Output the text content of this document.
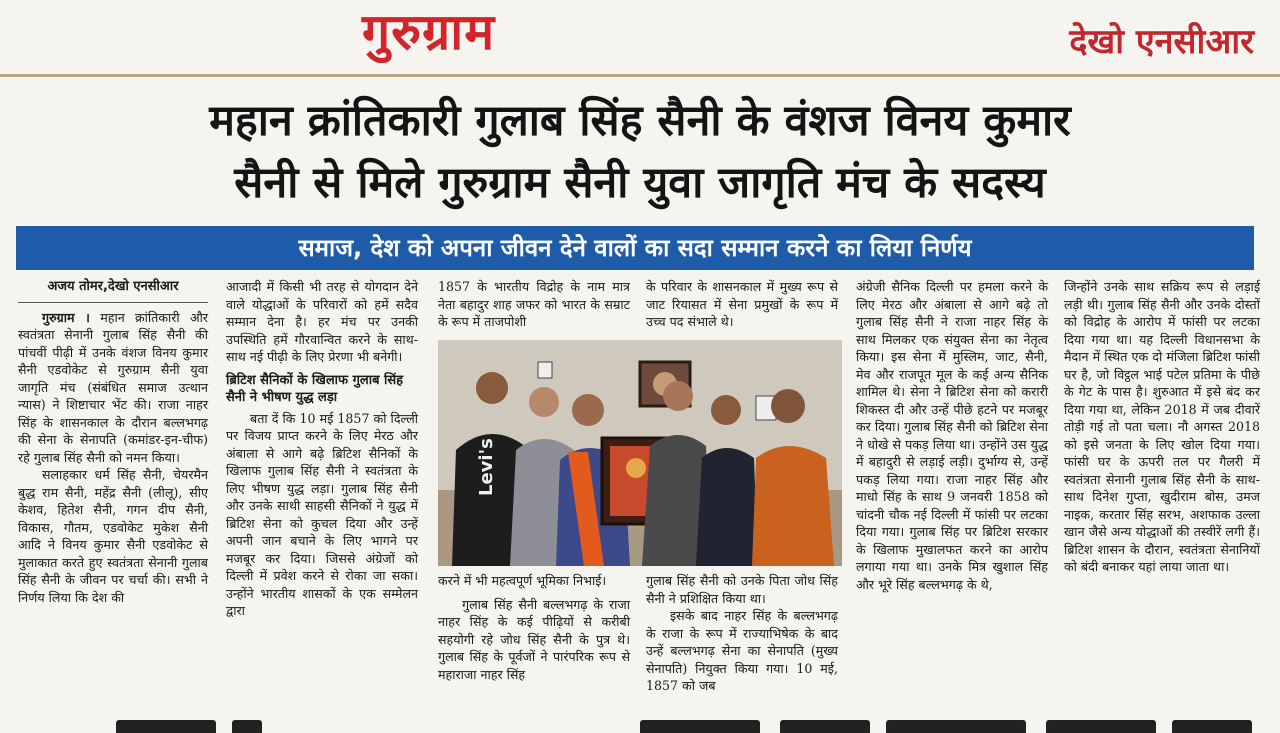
गुरुग्राम	देखो एनसीआर
महान क्रांतिकारी गुलाब सिंह सैनी के वंशज विनय कुमार
सैनी से मिले गुरुग्राम सैनी युवा जागृति मंच के सदस्य
समाज, देश को अपना जीवन देने वालों का सदा सम्मान करने का लिया निर्णय
अजय तोमर,देखो एनसीआर

गुरुग्राम । महान क्रांतिकारी और स्वतंत्रता सेनानी गुलाब सिंह सैनी की पांचवीं पीढ़ी में उनके वंशज विनय कुमार सैनी एडवोकेट से गुरुग्राम सैनी युवा जागृति मंच (संबंधित समाज उत्थान न्यास) ने शिष्टाचार भेंट की। राजा नाहर सिंह के शासनकाल के दौरान बल्लभगढ़ की सेना के सेनापति (कमांडर-इन-चीफ) रहे गुलाब सिंह सैनी को नमन किया।

सलाहकार धर्म सिंह सैनी, चेयरमैन बुद्ध राम सैनी, महेंद्र सैनी (लीलू), सीए केशव, हितेश सैनी, गगन दीप सैनी, विकास, गौतम, एडवोकेट मुकेश सैनी आदि ने विनय कुमार सैनी एडवोकेट से मुलाकात करते हुए स्वतंत्रता सेनानी गुलाब सिंह सैनी के जीवन पर चर्चा की। सभी ने निर्णय लिया कि देश की

आजादी में किसी भी तरह से योगदान देने वाले योद्धाओं के परिवारों को हमें सदैव सम्मान देना है। हर मंच पर उनकी उपस्थिति हमें गौरवान्वित करने के साथ-साथ नई पीढ़ी के लिए प्रेरणा भी बनेगी।

ब्रिटिश सैनिकों के खिलाफ गुलाब सिंह सैनी ने भीषण युद्ध लड़ा

बता दें कि 10 मई 1857 को दिल्ली पर विजय प्राप्त करने के लिए मेरठ और अंबाला से आगे बढ़े ब्रिटिश सैनिकों के खिलाफ गुलाब सिंह सैनी ने स्वतंत्रता के लिए भीषण युद्ध लड़ा। गुलाब सिंह सैनी और उनके साथी साहसी सैनिकों ने युद्ध में ब्रिटिश सेना को कुचल दिया और उन्हें अपनी जान बचाने के लिए भागने पर मजबूर कर दिया। जिससे अंग्रेजों को दिल्ली में प्रवेश करने से रोका जा सका। उन्होंने भारतीय शासकों के एक सम्मेलन द्वारा

1857 के भारतीय विद्रोह के नाम मात्र नेता बहादुर शाह जफर को भारत के सम्राट के रूप में ताजपोशी
के परिवार के शासनकाल में मुख्य रूप से जाट रियासत में सेना प्रमुखों के रूप में उच्च पद संभाले थे।
Levi's

करने में भी महत्वपूर्ण भूमिका निभाई।

गुलाब सिंह सैनी बल्लभगढ़ के राजा नाहर सिंह के कई पीढ़ियों से करीबी सहयोगी रहे जोध सिंह सैनी के पुत्र थे। गुलाब सिंह के पूर्वजों ने पारंपरिक रूप से महाराजा नाहर सिंह

गुलाब सिंह सैनी को उनके पिता जोध सिंह सैनी ने प्रशिक्षित किया था।

इसके बाद नाहर सिंह के बल्लभगढ़ के राजा के रूप में राज्याभिषेक के बाद उन्हें बल्लभगढ़ सेना का सेनापति (मुख्य सेनापति) नियुक्त किया गया। 10 मई, 1857 को जब

अंग्रेजी सैनिक दिल्ली पर हमला करने के लिए मेरठ और अंबाला से आगे बढ़े तो गुलाब सिंह सैनी ने राजा नाहर सिंह के साथ मिलकर एक संयुक्त सेना का नेतृत्व किया। इस सेना में मुस्लिम, जाट, सैनी, मेव और राजपूत मूल के कई अन्य सैनिक शामिल थे। सेना ने ब्रिटिश सेना को करारी शिकस्त दी और उन्हें पीछे हटने पर मजबूर कर दिया। गुलाब सिंह सैनी को ब्रिटिश सेना ने धोखे से पकड़ लिया था। उन्होंने उस युद्ध में बहादुरी से लड़ाई लड़ी। दुर्भाग्य से, उन्हें पकड़ लिया गया। राजा नाहर सिंह और माधो सिंह के साथ 9 जनवरी 1858 को चांदनी चौक नई दिल्ली में फांसी पर लटका दिया गया। गुलाब सिंह पर ब्रिटिश सरकार के खिलाफ मुखालफत करने का आरोप लगाया गया था। उनके मित्र खुशाल सिंह और भूरे सिंह बल्लभगढ़ के थे,
जिन्होंने उनके साथ सक्रिय रूप से लड़ाई लड़ी थी। गुलाब सिंह सैनी और उनके दोस्तों को विद्रोह के आरोप में फांसी पर लटका दिया गया था। यह दिल्ली विधानसभा के मैदान में स्थित एक दो मंजिला ब्रिटिश फांसी घर है, जो विट्ठल भाई पटेल प्रतिमा के पीछे के गेट के पास है। शुरुआत में इसे बंद कर दिया गया था, लेकिन 2018 में जब दीवारें तोड़ी गई तो पता चला। नौ अगस्त 2018 को इसे जनता के लिए खोल दिया गया। फांसी घर के ऊपरी तल पर गैलरी में स्वतंत्रता सेनानी गुलाब सिंह सैनी के साथ-साथ दिनेश गुप्ता, खुदीराम बोस, उमज नाइक, करतार सिंह सरभ, अशफाक उल्ला खान जैसे अन्य योद्धाओं की तस्वीरें लगी हैं। ब्रिटिश शासन के दौरान, स्वतंत्रता सेनानियों को बंदी बनाकर यहां लाया जाता था।
